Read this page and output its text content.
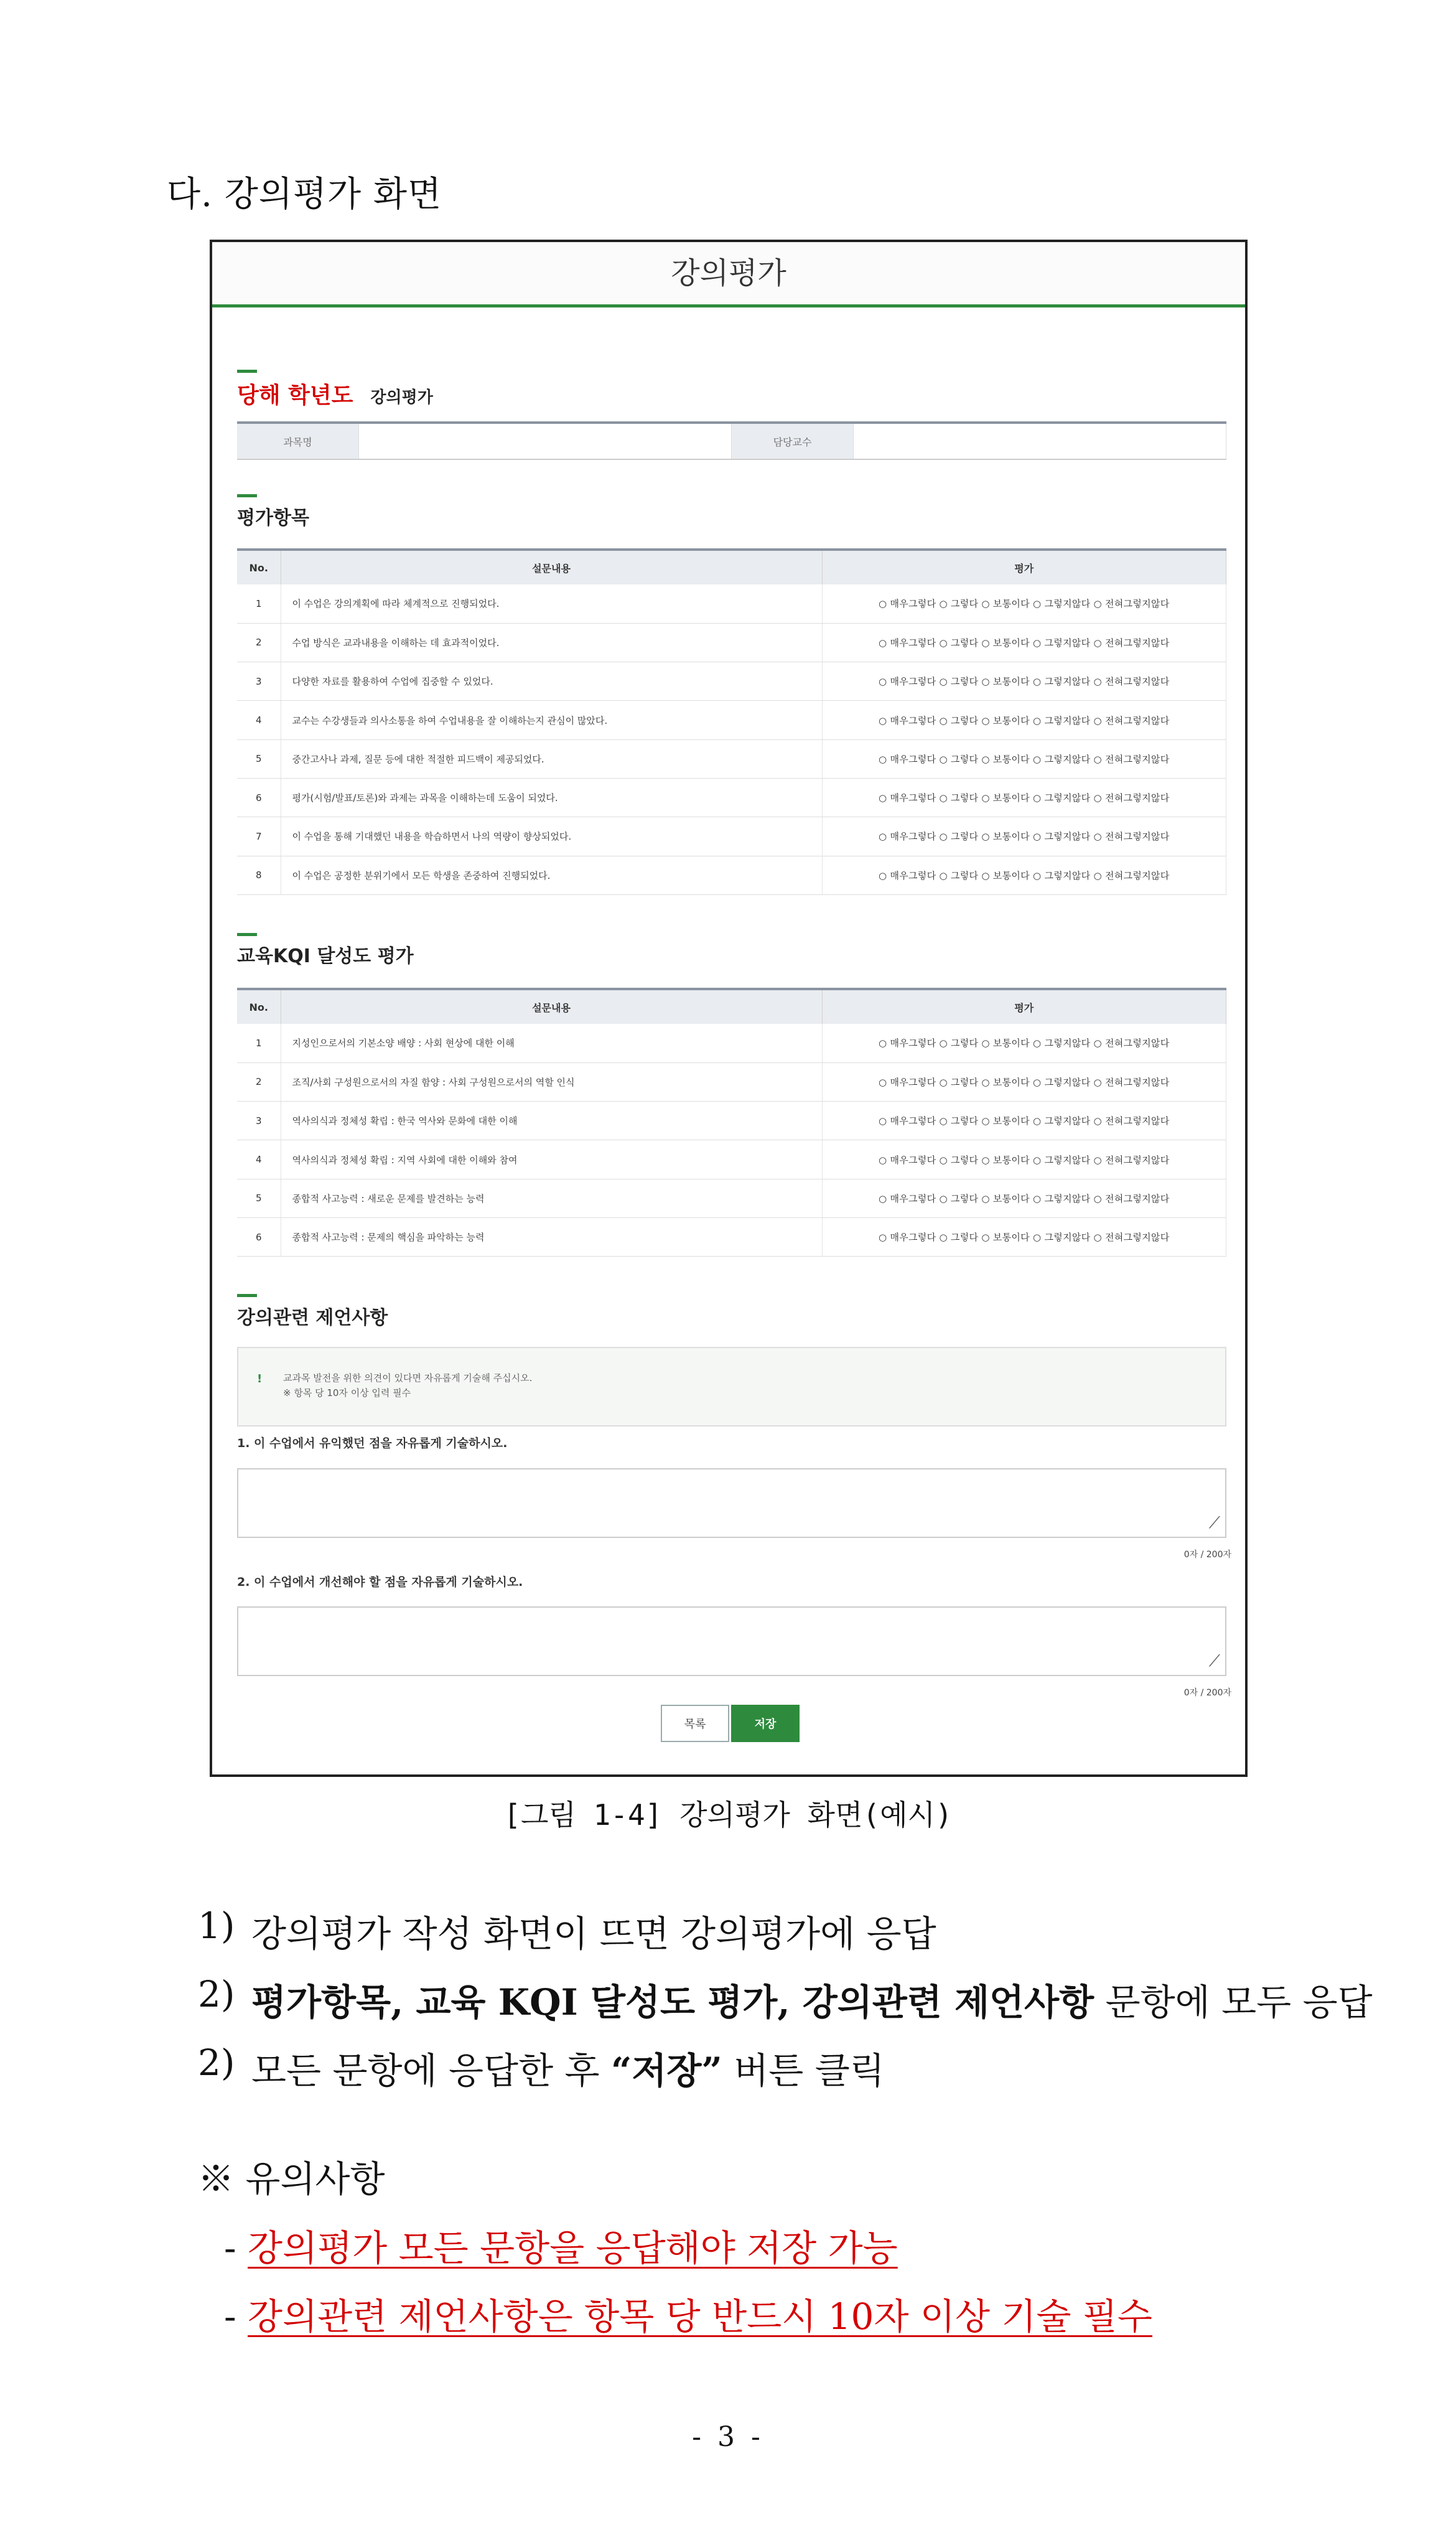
다. 강의평가 화면
강의평가
당해 학년도 강의평가
과목명	담당교수
평가항목
No.	설문내용	평가
1	이 수업은 강의계획에 따라 체계적으로 진행되었다.	○ 매우그렇다 ○ 그렇다 ○ 보통이다 ○ 그렇지않다 ○ 전혀그렇지않다
2	수업 방식은 교과내용을 이해하는 데 효과적이었다.	○ 매우그렇다 ○ 그렇다 ○ 보통이다 ○ 그렇지않다 ○ 전혀그렇지않다
3	다양한 자료를 활용하여 수업에 집중할 수 있었다.	○ 매우그렇다 ○ 그렇다 ○ 보통이다 ○ 그렇지않다 ○ 전혀그렇지않다
4	교수는 수강생들과 의사소통을 하여 수업내용을 잘 이해하는지 관심이 많았다.	○ 매우그렇다 ○ 그렇다 ○ 보통이다 ○ 그렇지않다 ○ 전혀그렇지않다
5	중간고사나 과제, 질문 등에 대한 적절한 피드백이 제공되었다.	○ 매우그렇다 ○ 그렇다 ○ 보통이다 ○ 그렇지않다 ○ 전혀그렇지않다
6	평가(시험/발표/토론)와 과제는 과목을 이해하는데 도움이 되었다.	○ 매우그렇다 ○ 그렇다 ○ 보통이다 ○ 그렇지않다 ○ 전혀그렇지않다
7	이 수업을 통해 기대했던 내용을 학습하면서 나의 역량이 향상되었다.	○ 매우그렇다 ○ 그렇다 ○ 보통이다 ○ 그렇지않다 ○ 전혀그렇지않다
8	이 수업은 공정한 분위기에서 모든 학생을 존중하여 진행되었다.	○ 매우그렇다 ○ 그렇다 ○ 보통이다 ○ 그렇지않다 ○ 전혀그렇지않다
교육KQI 달성도 평가
No.	설문내용	평가
1	지성인으로서의 기본소양 배양 : 사회 현상에 대한 이해	○ 매우그렇다 ○ 그렇다 ○ 보통이다 ○ 그렇지않다 ○ 전혀그렇지않다
2	조직/사회 구성원으로서의 자질 함양 : 사회 구성원으로서의 역할 인식	○ 매우그렇다 ○ 그렇다 ○ 보통이다 ○ 그렇지않다 ○ 전혀그렇지않다
3	역사의식과 정체성 확립 : 한국 역사와 문화에 대한 이해	○ 매우그렇다 ○ 그렇다 ○ 보통이다 ○ 그렇지않다 ○ 전혀그렇지않다
4	역사의식과 정체성 확립 : 지역 사회에 대한 이해와 참여	○ 매우그렇다 ○ 그렇다 ○ 보통이다 ○ 그렇지않다 ○ 전혀그렇지않다
5	종합적 사고능력 : 새로운 문제를 발견하는 능력	○ 매우그렇다 ○ 그렇다 ○ 보통이다 ○ 그렇지않다 ○ 전혀그렇지않다
6	종합적 사고능력 : 문제의 핵심을 파악하는 능력	○ 매우그렇다 ○ 그렇다 ○ 보통이다 ○ 그렇지않다 ○ 전혀그렇지않다
강의관련 제언사항
! 교과목 발전을 위한 의견이 있다면 자유롭게 기술해 주십시오.
※ 항목 당 10자 이상 입력 필수
1. 이 수업에서 유익했던 점을 자유롭게 기술하시오.
⟋
0자 / 200자
2. 이 수업에서 개선해야 할 점을 자유롭게 기술하시오.
⟋
0자 / 200자
목록	저장
[그림 1-4] 강의평가 화면(예시)
1) 강의평가 작성 화면이 뜨면 강의평가에 응답
2) 평가항목, 교육 KQI 달성도 평가, 강의관련 제언사항 문항에 모두 응답
2) 모든 문항에 응답한 후 “저장” 버튼 클릭
※ 유의사항
- 강의평가 모든 문항을 응답해야 저장 가능
- 강의관련 제언사항은 항목 당 반드시 10자 이상 기술 필수
- 3 -
